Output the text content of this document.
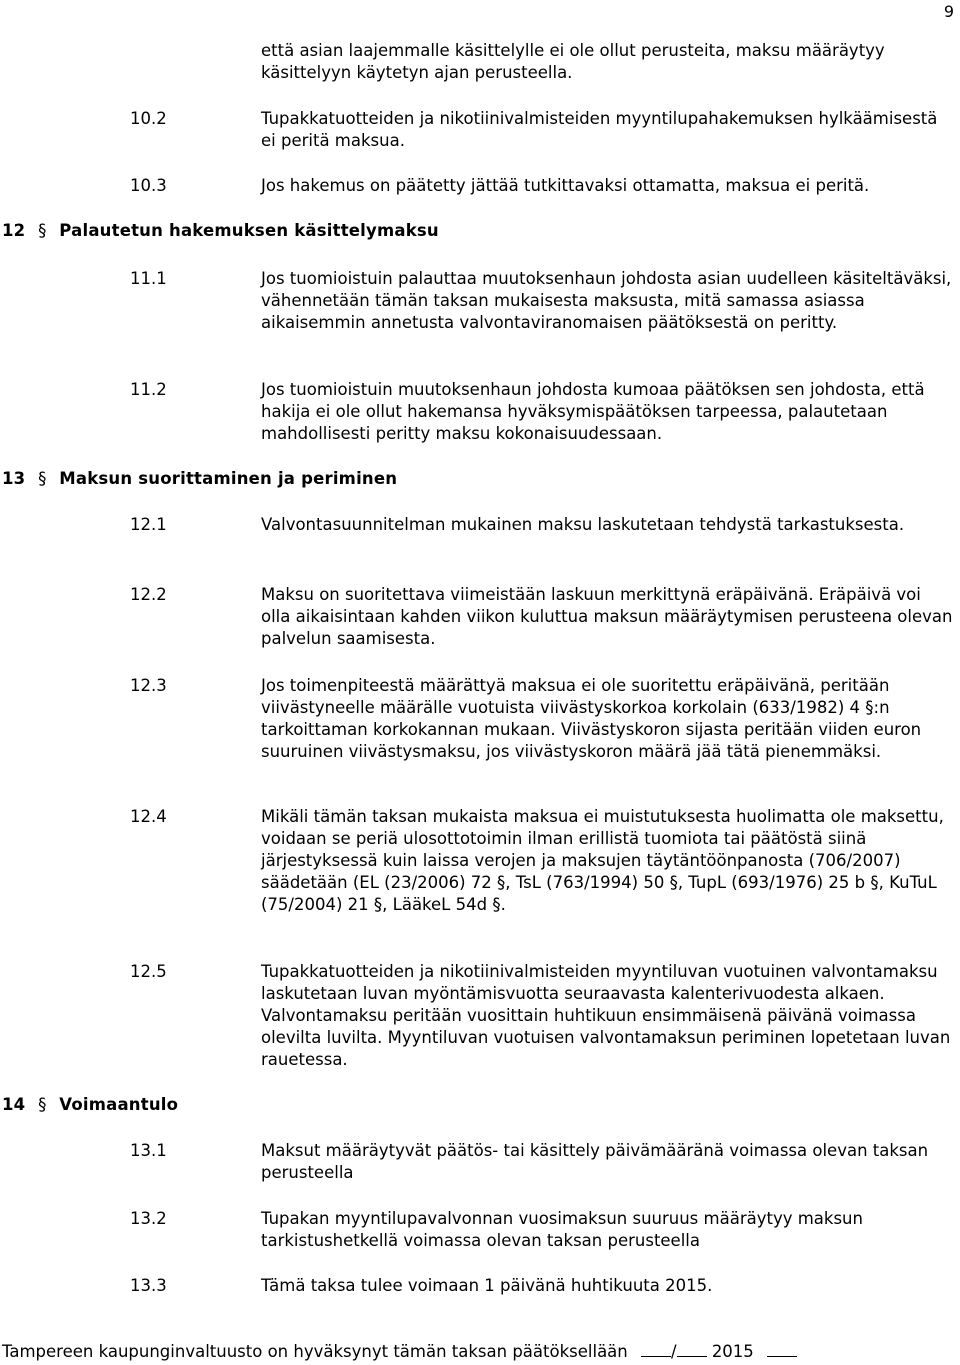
9
että asian laajemmalle käsittelylle ei ole ollut perusteita, maksu määräytyy käsittelyyn käytetyn ajan perusteella.
10.2	Tupakkatuotteiden ja nikotiinivalmisteiden myyntilupahakemuksen hylkäämisestä ei peritä maksua.
10.3	Jos hakemus on päätetty jättää tutkittavaksi ottamatta, maksua ei peritä.
12 § Palautetun hakemuksen käsittelymaksu
11.1	Jos tuomioistuin palauttaa muutoksenhaun johdosta asian uudelleen käsiteltäväksi, vähennetään tämän taksan mukaisesta maksusta, mitä samassa asiassa aikaisemmin annetusta valvontaviranomaisen päätöksestä on peritty.
11.2	Jos tuomioistuin muutoksenhaun johdosta kumoaa päätöksen sen johdosta, että hakija ei ole ollut hakemansa hyväksymispäätöksen tarpeessa, palautetaan mahdollisesti peritty maksu kokonaisuudessaan.
13 § Maksun suorittaminen ja periminen
12.1	Valvontasuunnitelman mukainen maksu laskutetaan tehdystä tarkastuksesta.
12.2	Maksu on suoritettava viimeistään laskuun merkittynä eräpäivänä. Eräpäivä voi olla aikaisintaan kahden viikon kuluttua maksun määräytymisen perusteena olevan palvelun saamisesta.
12.3	Jos toimenpiteestä määrättyä maksua ei ole suoritettu eräpäivänä, peritään viivästyneelle määrälle vuotuista viivästyskorkoa korkolain (633/1982) 4 §:n tarkoittaman korkokannan mukaan. Viivästyskoron sijasta peritään viiden euron suuruinen viivästysmaksu, jos viivästyskoron määrä jää tätä pienemmäksi.
12.4	Mikäli tämän taksan mukaista maksua ei muistutuksesta huolimatta ole maksettu, voidaan se periä ulosottotoimin ilman erillistä tuomiota tai päätöstä siinä järjestyksessä kuin laissa verojen ja maksujen täytäntöönpanosta (706/2007) säädetään (EL (23/2006) 72 §, TsL (763/1994) 50 §, TupL (693/1976) 25 b §, KuTuL (75/2004) 21 §, LääkeL 54d §.
12.5	Tupakkatuotteiden ja nikotiinivalmisteiden myyntiluvan vuotuinen valvontamaksu laskutetaan luvan myöntämisvuotta seuraavasta kalenterivuodesta alkaen. Valvontamaksu peritään vuosittain huhtikuun ensimmäisenä päivänä voimassa olevilta luvilta. Myyntiluvan vuotuisen valvontamaksun periminen lopetetaan luvan rauetessa.
14 § Voimaantulo
13.1	Maksut määräytyvät päätös- tai käsittely päivämääränä voimassa olevan taksan perusteella
13.2	Tupakan myyntilupavalvonnan vuosimaksun suuruus määräytyy maksun tarkistushetkellä voimassa olevan taksan perusteella
13.3	Tämä taksa tulee voimaan 1 päivänä huhtikuuta 2015.
Tampereen kaupunginvaltuusto on hyväksynyt tämän taksan päätöksellään	/ 2015
